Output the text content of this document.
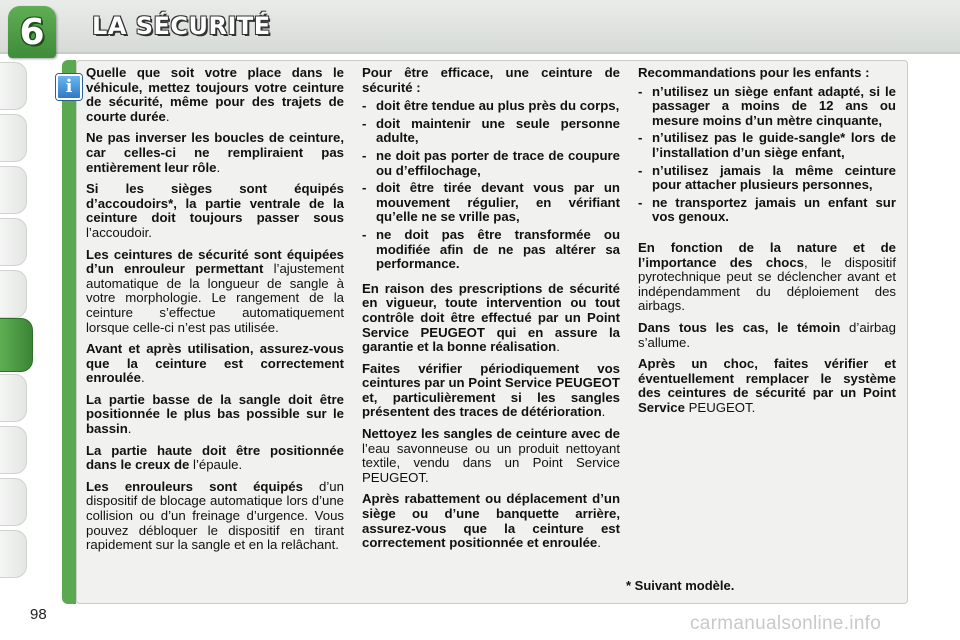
6 LA SÉCURITÉ
i

Quelle que soit votre place dans le véhicule, mettez toujours votre ceinture de sécurité, même pour des trajets de courte durée.

Ne pas inverser les boucles de ceinture, car celles-ci ne rempliraient pas entièrement leur rôle.

Si les sièges sont équipés d’accoudoirs*, la partie ventrale de la ceinture doit toujours passer sous l’accoudoir.

Les ceintures de sécurité sont équipées d’un enrouleur permettant l’ajustement automatique de la longueur de sangle à votre morphologie. Le rangement de la ceinture s’effectue automatiquement lorsque celle-ci n’est pas utilisée.

Avant et après utilisation, assurez-vous que la ceinture est correctement enroulée.

La partie basse de la sangle doit être positionnée le plus bas possible sur le bassin.

La partie haute doit être positionnée dans le creux de l’épaule.

Les enrouleurs sont équipés d’un dispositif de blocage automatique lors d’une collision ou d’un freinage d’urgence. Vous pouvez débloquer le dispositif en tirant rapidement sur la sangle et en la relâchant.

Pour être efficace, une ceinture de sécurité :

- doit être tendue au plus près du corps,
- doit maintenir une seule personne adulte,
- ne doit pas porter de trace de coupure ou d’effilochage,
- doit être tirée devant vous par un mouvement régulier, en vérifiant qu’elle ne se vrille pas,
- ne doit pas être transformée ou modifiée afin de ne pas altérer sa performance.

En raison des prescriptions de sécurité en vigueur, toute intervention ou tout contrôle doit être effectué par un Point Service PEUGEOT qui en assure la garantie et la bonne réalisation.

Faites vérifier périodiquement vos ceintures par un Point Service PEUGEOT et, particulièrement si les sangles présentent des traces de détérioration.

Nettoyez les sangles de ceinture avec de l’eau savonneuse ou un produit nettoyant textile, vendu dans un Point Service PEUGEOT.

Après rabattement ou déplacement d’un siège ou d’une banquette arrière, assurez-vous que la ceinture est correctement positionnée et enroulée.

Recommandations pour les enfants :

- n’utilisez un siège enfant adapté, si le passager a moins de 12 ans ou mesure moins d’un mètre cinquante,
- n’utilisez pas le guide-sangle* lors de l’installation d’un siège enfant,
- n’utilisez jamais la même ceinture pour attacher plusieurs personnes,
- ne transportez jamais un enfant sur vos genoux.

En fonction de la nature et de l’importance des chocs, le dispositif pyrotechnique peut se déclencher avant et indépendamment du déploiement des airbags.

Dans tous les cas, le témoin d’airbag s’allume.

Après un choc, faites vérifier et éventuellement remplacer le système des ceintures de sécurité par un Point Service PEUGEOT.

* Suivant modèle.
98	carmanualsonline.info
